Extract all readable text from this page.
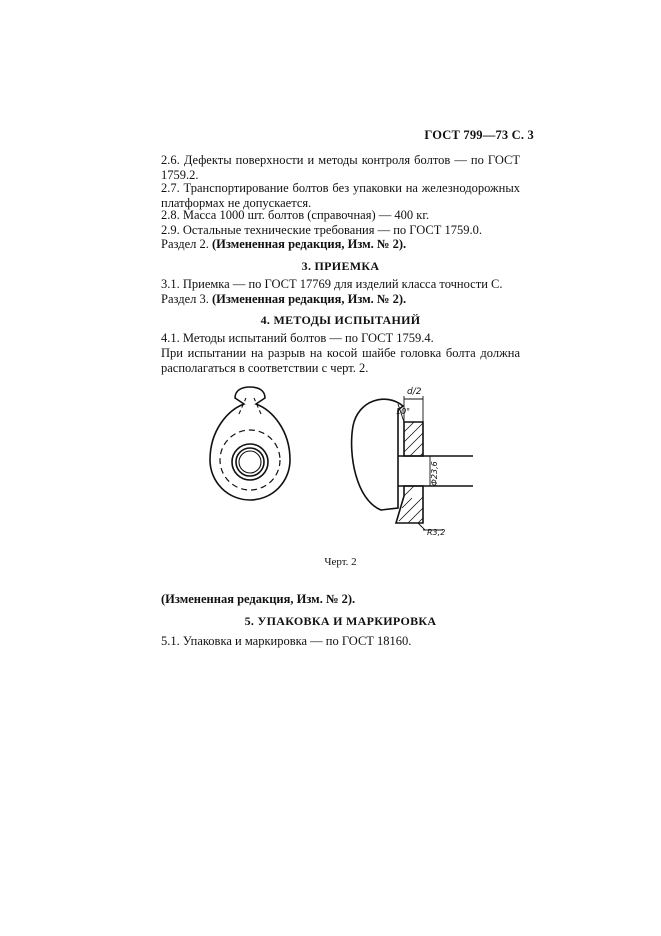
ГОСТ 799—73 С. 3
2.6. Дефекты поверхности и методы контроля болтов — по ГОСТ 1759.2.
2.7. Транспортирование болтов без упаковки на железнодорожных платформах не допускается.
2.8. Масса 1000 шт. болтов (справочная) — 400 кг.
2.9. Остальные технические требования — по ГОСТ 1759.0.
Раздел 2. (Измененная редакция, Изм. № 2).
3. ПРИЕМКА
3.1. Приемка — по ГОСТ 17769 для изделий класса точности С.
Раздел 3. (Измененная редакция, Изм. № 2).
4. МЕТОДЫ ИСПЫТАНИЙ
4.1. Методы испытаний болтов — по ГОСТ 1759.4.
При испытании на разрыв на косой шайбе головка болта должна располагаться в соответствии с черт. 2.
d/2
10°
Ф23,6
R3,2
Черт. 2
(Измененная редакция, Изм. № 2).
5. УПАКОВКА И МАРКИРОВКА
5.1. Упаковка и маркировка — по ГОСТ 18160.
